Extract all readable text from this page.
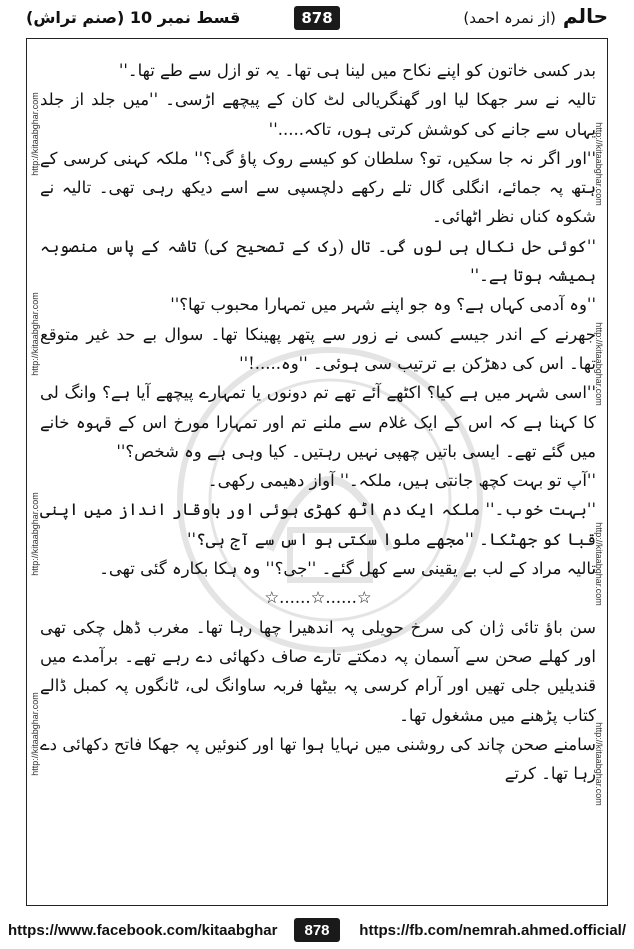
حالم (از نمرہ احمد)
878
قسط نمبر 10 (صنم تراش)
http://kitaabghar.com
http://kitaabghar.com
http://kitaabghar.com
http://kitaabghar.com
http://kitaabghar.com
http://kitaabghar.com
http://kitaabghar.com
http://kitaabghar.com

بدر کسی خاتون کو اپنے نکاح میں لینا ہی تھا۔ یہ تو ازل سے طے تھا۔''

تالیہ نے سر جھکا لیا اور گھنگریالی لٹ کان کے پیچھے اڑسی۔ ''میں جلد از جلد یہاں سے جانے کی کوشش کرتی ہوں، تاکہ.....''

''اور اگر نہ جا سکیں، تو؟ سلطان کو کیسے روک پاؤ گی؟'' ملکہ کہنی کرسی کے ہتھ پہ جمائے، انگلی گال تلے رکھے دلچسپی سے اسے دیکھ رہی تھی۔ تالیہ نے شکوہ کناں نظر اٹھائی۔

''کوئی حل نکال ہی لوں گی۔ تال (رک کے تصحیح کی) تاشہ کے پاس منصوبہ ہمیشہ ہوتا ہے۔''

''وہ آدمی کہاں ہے؟ وہ جو اپنے شہر میں تمہارا محبوب تھا؟''

جھرنے کے اندر جیسے کسی نے زور سے پتھر پھینکا تھا۔ سوال بے حد غیر متوقع تھا۔ اس کی دھڑکن بے ترتیب سی ہوئی۔ ''وہ.....!''

''اسی شہر میں ہے کیا؟ اکٹھے آئے تھے تم دونوں یا تمہارے پیچھے آیا ہے؟ وانگ لی کا کہنا ہے کہ اس کے ایک غلام سے ملنے تم اور تمہارا مورخ اس کے قہوہ خانے میں گئے تھے۔ ایسی باتیں چھپی نہیں رہتیں۔ کیا وہی ہے وہ شخص؟''

''آپ تو بہت کچھ جانتی ہیں، ملکہ۔'' آواز دھیمی رکھی۔

''بہت خوب۔'' ملکہ ایک دم اٹھ کھڑی ہوئی اور باوقار انداز میں اپنی قبا کو جھٹکا۔ ''مجھے ملوا سکتی ہو اس سے آج ہی؟''

تالیہ مراد کے لب بے یقینی سے کھل گئے۔ ''جی؟'' وہ ہکا بکارہ گئی تھی۔

☆......☆......☆

سن باؤ تائی ژان کی سرخ حویلی پہ اندھیرا چھا رہا تھا۔ مغرب ڈھل چکی تھی اور کھلے صحن سے آسمان پہ دمکتے تارے صاف دکھائی دے رہے تھے۔ برآمدے میں قندیلیں جلی تھیں اور آرام کرسی پہ بیٹھا فربہ ساوانگ لی، ٹانگوں پہ کمبل ڈالے کتاب پڑھنے میں مشغول تھا۔

سامنے صحن چاند کی روشنی میں نہایا ہوا تھا اور کنوئیں پہ جھکا فاتح دکھائی دے رہا تھا۔ کرتے

https://www.facebook.com/kitaabghar	878	https://fb.com/nemrah.ahmed.official/
